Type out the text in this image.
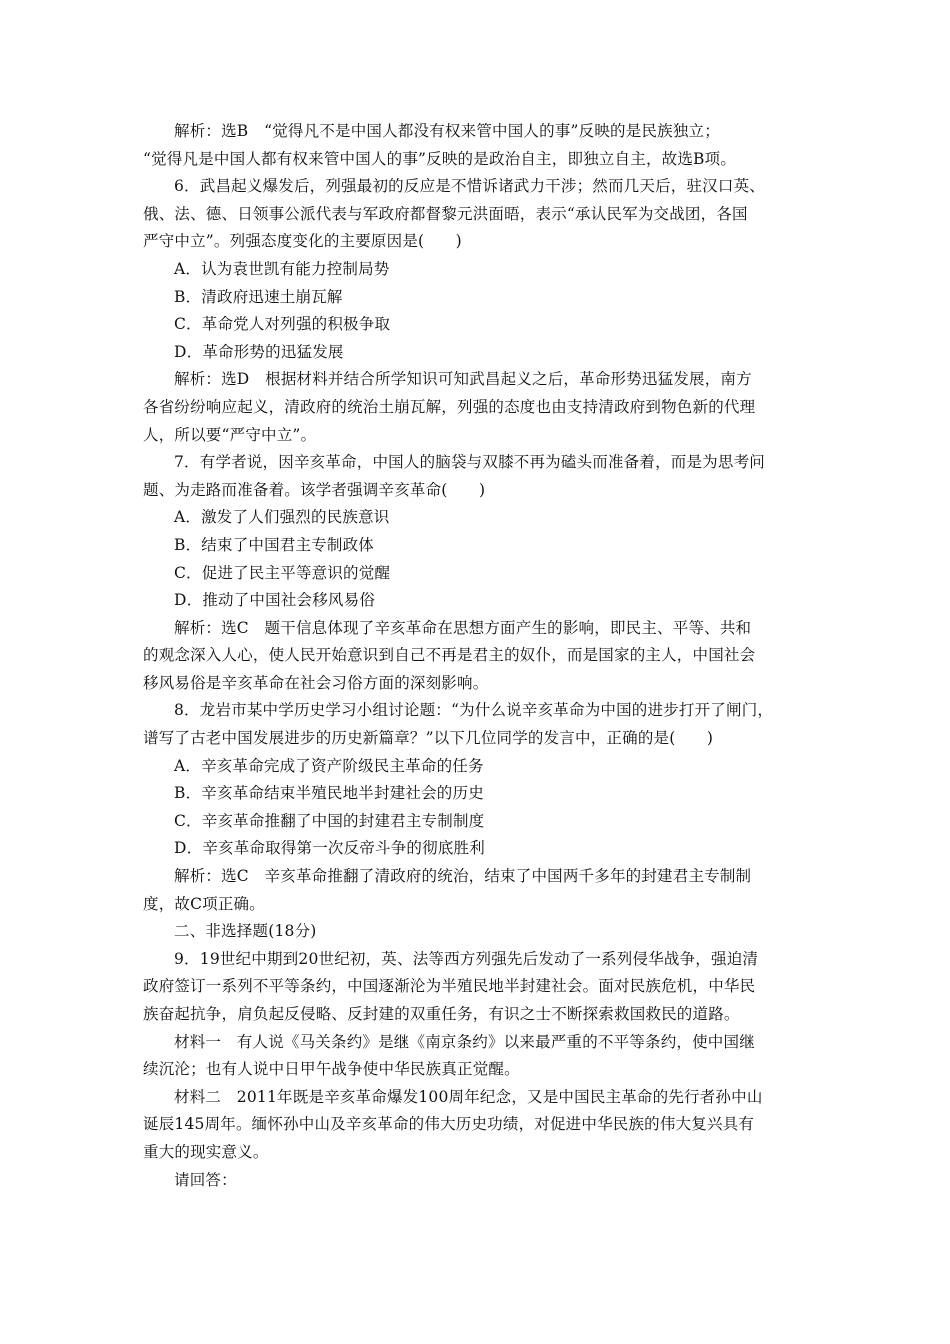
解析：选B　“觉得凡不是中国人都没有权来管中国人的事”反映的是民族独立；
“觉得凡是中国人都有权来管中国人的事”反映的是政治自主，即独立自主，故选B项。
6．武昌起义爆发后，列强最初的反应是不惜诉诸武力干涉；然而几天后，驻汉口英、
俄、法、德、日领事公派代表与军政府都督黎元洪面晤，表示“承认民军为交战团，各国
严守中立”。列强态度变化的主要原因是(　　)
A．认为袁世凯有能力控制局势
B．清政府迅速土崩瓦解
C．革命党人对列强的积极争取
D．革命形势的迅猛发展
解析：选D　根据材料并结合所学知识可知武昌起义之后，革命形势迅猛发展，南方
各省纷纷响应起义，清政府的统治土崩瓦解，列强的态度也由支持清政府到物色新的代理
人，所以要“严守中立”。
7．有学者说，因辛亥革命，中国人的脑袋与双膝不再为磕头而准备着，而是为思考问
题、为走路而准备着。该学者强调辛亥革命(　　)
A．激发了人们强烈的民族意识
B．结束了中国君主专制政体
C．促进了民主平等意识的觉醒
D．推动了中国社会移风易俗
解析：选C　题干信息体现了辛亥革命在思想方面产生的影响，即民主、平等、共和
的观念深入人心，使人民开始意识到自己不再是君主的奴仆，而是国家的主人，中国社会
移风易俗是辛亥革命在社会习俗方面的深刻影响。
8．龙岩市某中学历史学习小组讨论题：“为什么说辛亥革命为中国的进步打开了闸门，
谱写了古老中国发展进步的历史新篇章？”以下几位同学的发言中，正确的是(　　)
A．辛亥革命完成了资产阶级民主革命的任务
B．辛亥革命结束半殖民地半封建社会的历史
C．辛亥革命推翻了中国的封建君主专制制度
D．辛亥革命取得第一次反帝斗争的彻底胜利
解析：选C　辛亥革命推翻了清政府的统治，结束了中国两千多年的封建君主专制制
度，故C项正确。
二、非选择题(18分)
9．19世纪中期到20世纪初，英、法等西方列强先后发动了一系列侵华战争，强迫清
政府签订一系列不平等条约，中国逐渐沦为半殖民地半封建社会。面对民族危机，中华民
族奋起抗争，肩负起反侵略、反封建的双重任务，有识之士不断探索救国救民的道路。
材料一　有人说《马关条约》是继《南京条约》以来最严重的不平等条约，使中国继
续沉沦；也有人说中日甲午战争使中华民族真正觉醒。
材料二　2011年既是辛亥革命爆发100周年纪念，又是中国民主革命的先行者孙中山
诞辰145周年。缅怀孙中山及辛亥革命的伟大历史功绩，对促进中华民族的伟大复兴具有
重大的现实意义。
请回答：
